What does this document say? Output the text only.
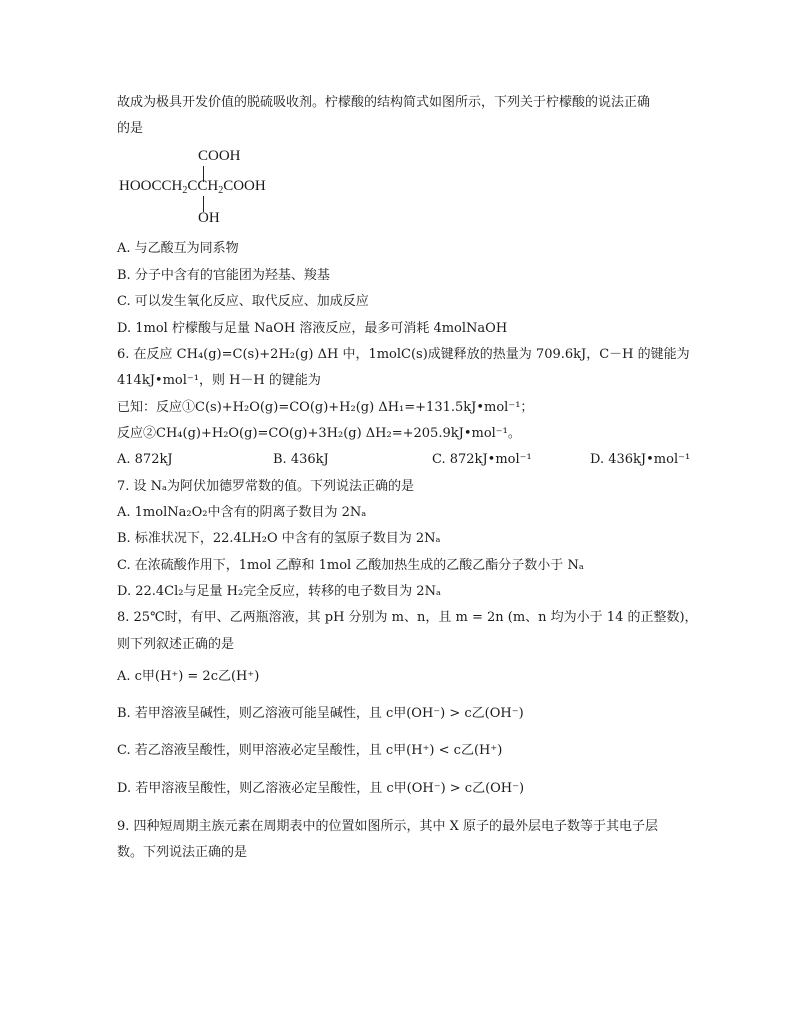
故成为极具开发价值的脱硫吸收剂。柠檬酸的结构简式如图所示，下列关于柠檬酸的说法正确
的是
COOH
$HOOCCH_2CCH_2COOH$
OH
A. 与乙酸互为同系物
B. 分子中含有的官能团为羟基、羧基
C. 可以发生氧化反应、取代反应、加成反应
D. 1mol 柠檬酸与足量 NaOH 溶液反应，最多可消耗 4molNaOH
6. 在反应 CH₄(g)=C(s)+2H₂(g) ΔH 中，1molC(s)成键释放的热量为 709.6kJ，C－H 的键能为
414kJ•mol⁻¹，则 H－H 的键能为
已知：反应①C(s)+H₂O(g)=CO(g)+H₂(g) ΔH₁=+131.5kJ•mol⁻¹；
反应②CH₄(g)+H₂O(g)=CO(g)+3H₂(g) ΔH₂=+205.9kJ•mol⁻¹。
A. 872kJ	B. 436kJ	C. 872kJ•mol⁻¹	D. 436kJ•mol⁻¹
7. 设 Nₐ为阿伏加德罗常数的值。下列说法正确的是
A. 1molNa₂O₂中含有的阴离子数目为 2Nₐ
B. 标准状况下，22.4LH₂O 中含有的氢原子数目为 2Nₐ
C. 在浓硫酸作用下，1mol 乙醇和 1mol 乙酸加热生成的乙酸乙酯分子数小于 Nₐ
D. 22.4Cl₂与足量 H₂完全反应，转移的电子数目为 2Nₐ
8. 25℃时，有甲、乙两瓶溶液，其 pH 分别为 m、n，且 m = 2n (m、n 均为小于 14 的正整数)，
则下列叙述正确的是
A. c甲(H⁺) = 2c乙(H⁺)
B. 若甲溶液呈碱性，则乙溶液可能呈碱性，且 c甲(OH⁻) > c乙(OH⁻)
C. 若乙溶液呈酸性，则甲溶液必定呈酸性，且 c甲(H⁺) < c乙(H⁺)
D. 若甲溶液呈酸性，则乙溶液必定呈酸性，且 c甲(OH⁻) > c乙(OH⁻)
9. 四种短周期主族元素在周期表中的位置如图所示，其中 X 原子的最外层电子数等于其电子层
数。下列说法正确的是
